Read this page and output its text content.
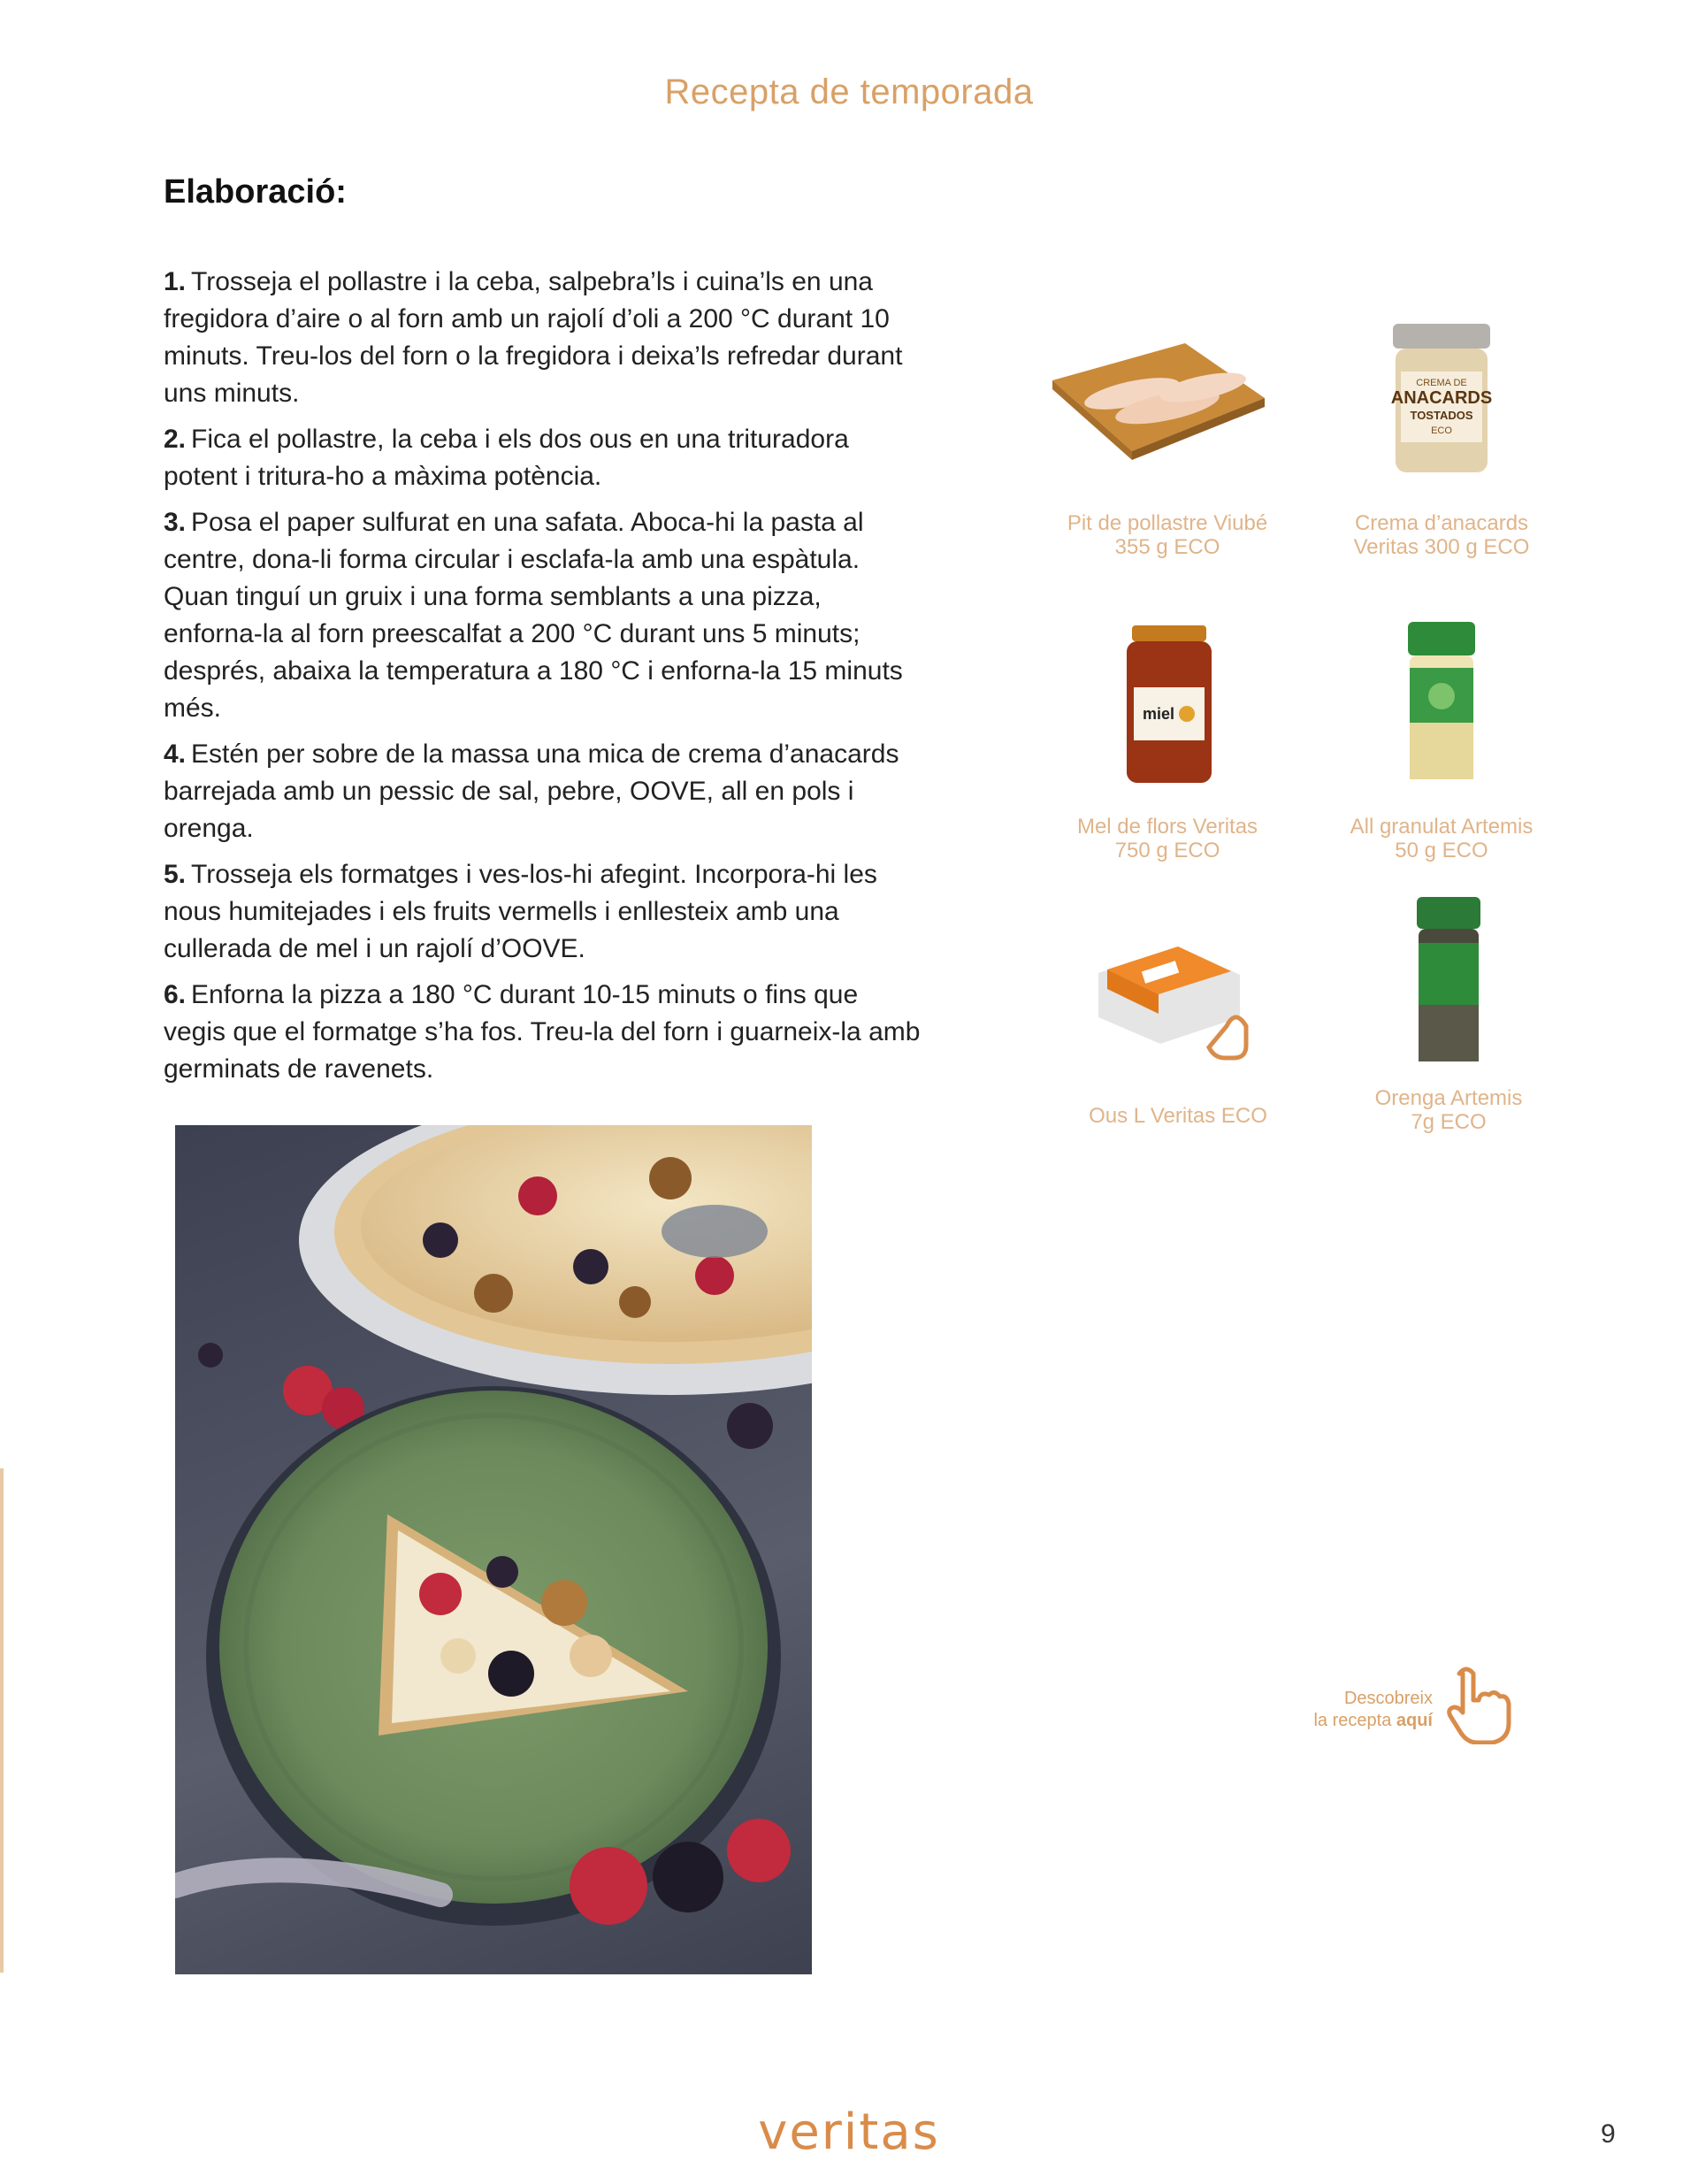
Recepta de temporada
Elaboració:

1. Trosseja el pollastre i la ceba, salpebra’ls i cuina’ls en una fregidora d’aire o al forn amb un rajolí d’oli a 200 °C durant 10 minuts. Treu-los del forn o la fregidora i deixa’ls refredar durant uns minuts.

2. Fica el pollastre, la ceba i els dos ous en una trituradora potent i tritura-ho a màxima potència.

3. Posa el paper sulfurat en una safata. Aboca-hi la pasta al centre, dona-li forma circular i esclafa-la amb una espàtula. Quan tinguí un gruix i una forma semblants a una pizza, enforna-la al forn preescalfat a 200 °C durant uns 5 minuts; després, abaixa la temperatura a 180 °C i enforna-la 15 minuts més.

4. Estén per sobre de la massa una mica de crema d’anacards barrejada amb un pessic de sal, pebre, OOVE, all en pols i orenga.

5. Trosseja els formatges i ves-los-hi afegint. Incorpora-hi les nous humitejades i els fruits vermells i enllesteix amb una cullerada de mel i un rajolí d’OOVE.

6. Enforna la pizza a 180 °C durant 10-15 minuts o fins que vegis que el formatge s’ha fos. Treu-la del forn i guarneix-la amb germinats de ravenets.

Pit de pollastre Viubé
355 g ECO
CREMA DE
ANACARDS
TOSTADOS
ECO
Crema d’anacards
Veritas 300 g ECO
miel
Mel de flors Veritas
750 g ECO
All granulat Artemis
50 g ECO
Ous L Veritas ECO
Orenga Artemis
7g ECO
Descobreix
la recepta aquí
veritas	9
